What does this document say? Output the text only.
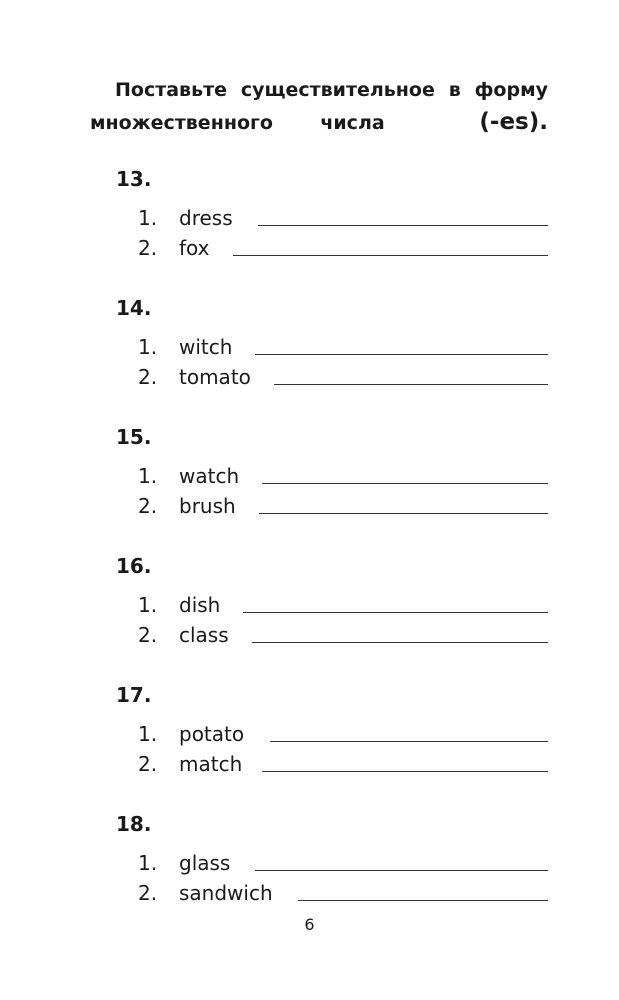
Поставьте существительное в форму
множественного числа	(-es).
13.
1.	dress
2.	fox
14.
1.	witch
2.	tomato
15.
1.	watch
2.	brush
16.
1.	dish
2.	class
17.
1.	potato
2.	match
18.
1.	glass
2.	sandwich
6
